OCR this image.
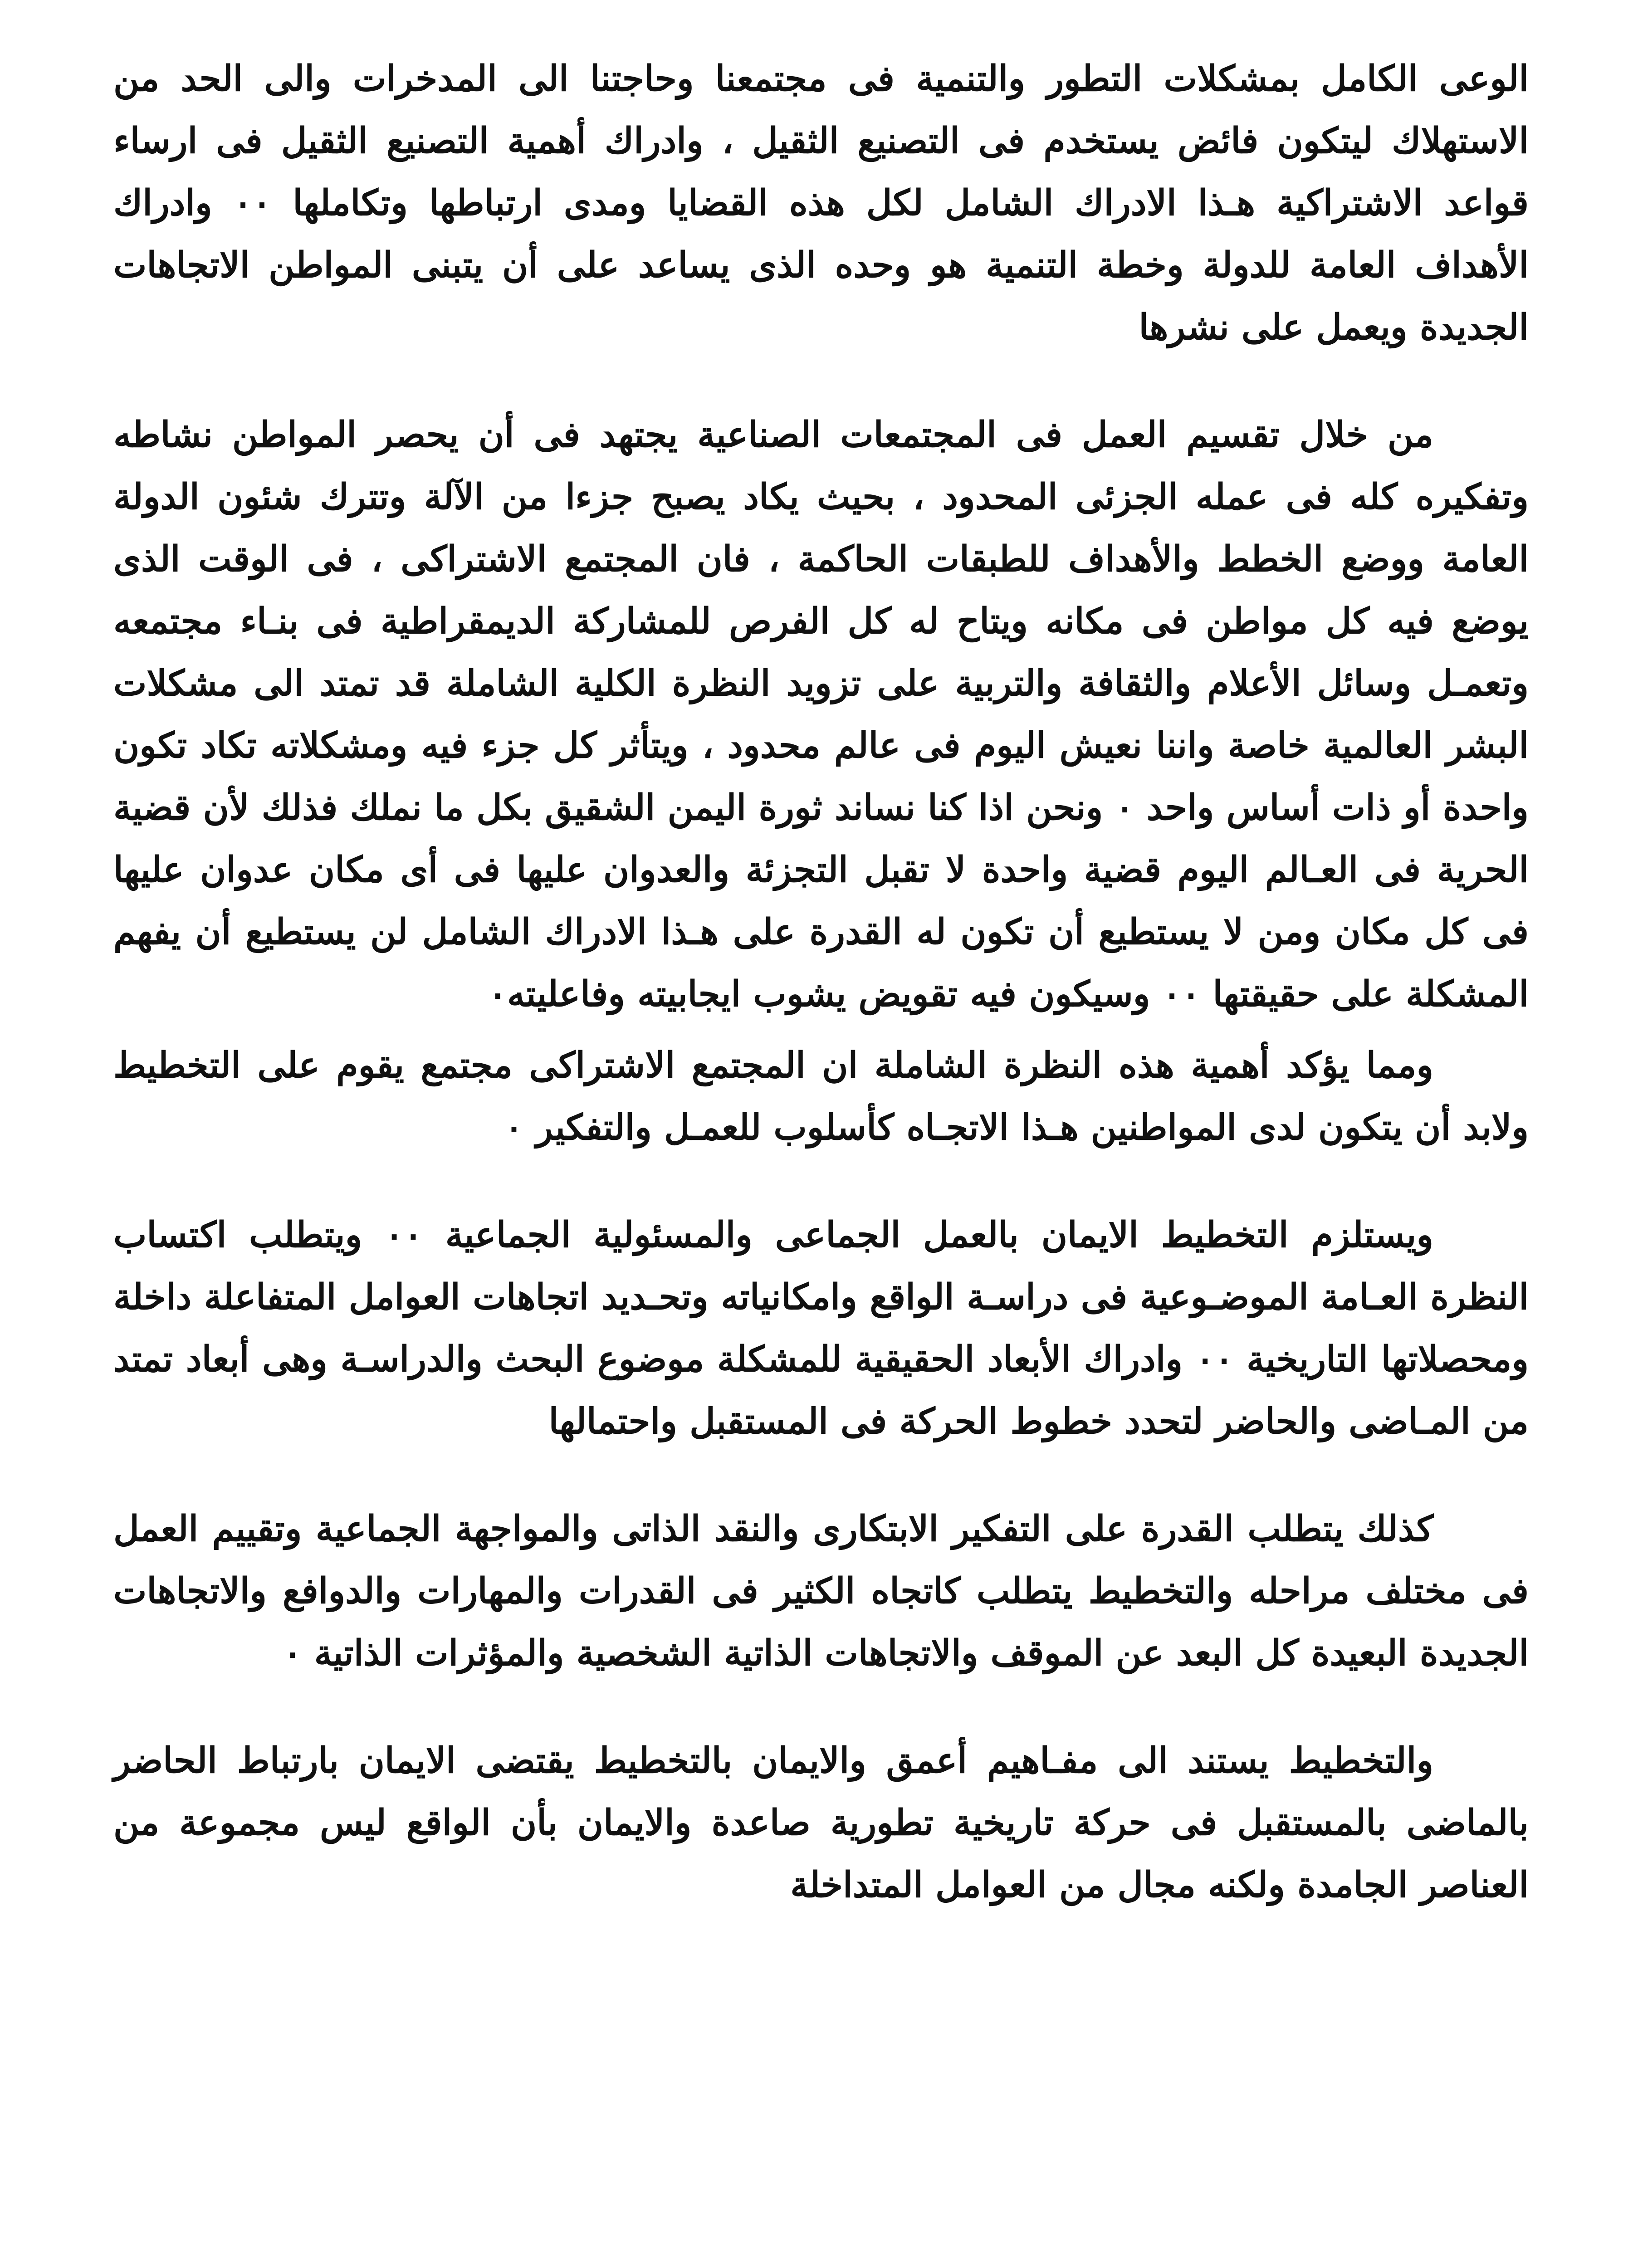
الوعى الكامل بمشكلات التطور والتنمية فى مجتمعنا وحاجتنا الى المدخرات والى الحد من الاستهلاك ليتكون فائض يستخدم فى التصنيع الثقيل ، وادراك أهمية التصنيع الثقيل فى ارساء قواعد الاشتراكية هـذا الادراك الشامل لكل هذه القضايا ومدى ارتباطها وتكاملها ٠٠ وادراك الأهداف العامة للدولة وخطة التنمية هو وحده الذى يساعد على أن يتبنى المواطن الاتجاهات الجديدة ويعمل على نشرها

من خلال تقسيم العمل فى المجتمعات الصناعية يجتهد فى أن يحصر المواطن نشاطه وتفكيره كله فى عمله الجزئى المحدود ، بحيث يكاد يصبح جزءا من الآلة وتترك شئون الدولة العامة ووضع الخطط والأهداف للطبقات الحاكمة ، فان المجتمع الاشتراكى ، فى الوقت الذى يوضع فيه كل مواطن فى مكانه ويتاح له كل الفرص للمشاركة الديمقراطية فى بنـاء مجتمعه وتعمـل وسائل الأعلام والثقافة والتربية على تزويد النظرة الكلية الشاملة قد تمتد الى مشكلات البشر العالمية خاصة واننا نعيش اليوم فى عالم محدود ، ويتأثر كل جزء فيه ومشكلاته تكاد تكون واحدة أو ذات أساس واحد ٠ ونحن اذا كنا نساند ثورة اليمن الشقيق بكل ما نملك فذلك لأن قضية الحرية فى العـالم اليوم قضية واحدة لا تقبل التجزئة والعدوان عليها فى أى مكان عدوان عليها فى كل مكان ومن لا يستطيع أن تكون له القدرة على هـذا الادراك الشامل لن يستطيع أن يفهم المشكلة على حقيقتها ٠٠ وسيكون فيه تقويض يشوب ايجابيته وفاعليته٠

ومما يؤكد أهمية هذه النظرة الشاملة ان المجتمع الاشتراكى مجتمع يقوم على التخطيط ولابد أن يتكون لدى المواطنين هـذا الاتجـاه كأسلوب للعمـل والتفكير ٠

ويستلزم التخطيط الايمان بالعمل الجماعى والمسئولية الجماعية ٠٠ ويتطلب اكتساب النظرة العـامة الموضـوعية فى دراسـة الواقع وامكانياته وتحـديد اتجاهات العوامل المتفاعلة داخلة ومحصلاتها التاريخية ٠٠ وادراك الأبعاد الحقيقية للمشكلة موضوع البحث والدراسـة وهى أبعاد تمتد من المـاضى والحاضر لتحدد خطوط الحركة فى المستقبل واحتمالها

كذلك يتطلب القدرة على التفكير الابتكارى والنقد الذاتى والمواجهة الجماعية وتقييم العمل فى مختلف مراحله والتخطيط يتطلب كاتجاه الكثير فى القدرات والمهارات والدوافع والاتجاهات الجديدة البعيدة كل البعد عن الموقف والاتجاهات الذاتية الشخصية والمؤثرات الذاتية ٠

والتخطيط يستند الى مفـاهيم أعمق والايمان بالتخطيط يقتضى الايمان بارتباط الحاضر بالماضى بالمستقبل فى حركة تاريخية تطورية صاعدة والايمان بأن الواقع ليس مجموعة من العناصر الجامدة ولكنه مجال من العوامل المتداخلة
